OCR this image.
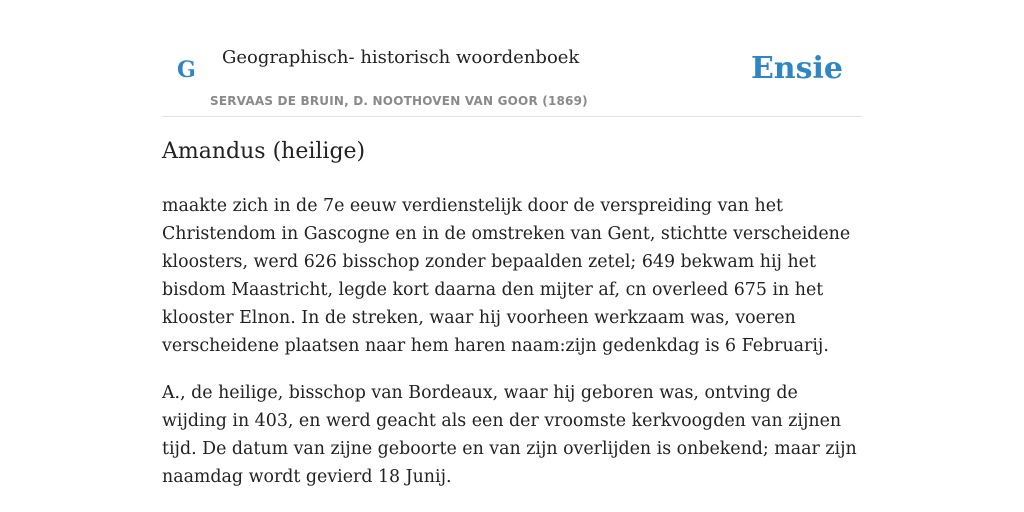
G Geographisch- historisch woordenboek
SERVAAS DE BRUIN, D. NOOTHOVEN VAN GOOR (1869)
Ensie
Amandus (heilige)

maakte zich in de 7e eeuw verdienstelijk door de verspreiding van het Christendom in Gascogne en in de omstreken van Gent, stichtte verscheidene kloosters, werd 626 bisschop zonder bepaalden zetel; 649 bekwam hij het bisdom Maastricht, legde kort daarna den mijter af, cn overleed 675 in het klooster Elnon. In de streken, waar hij voorheen werkzaam was, voeren verscheidene plaatsen naar hem haren naam:zijn gedenkdag is 6 Februarij.

A., de heilige, bisschop van Bordeaux, waar hij geboren was, ontving de wijding in 403, en werd geacht als een der vroomste kerkvoogden van zijnen tijd. De datum van zijne geboorte en van zijn overlijden is onbekend; maar zijn naamdag wordt gevierd 18 Junij.
